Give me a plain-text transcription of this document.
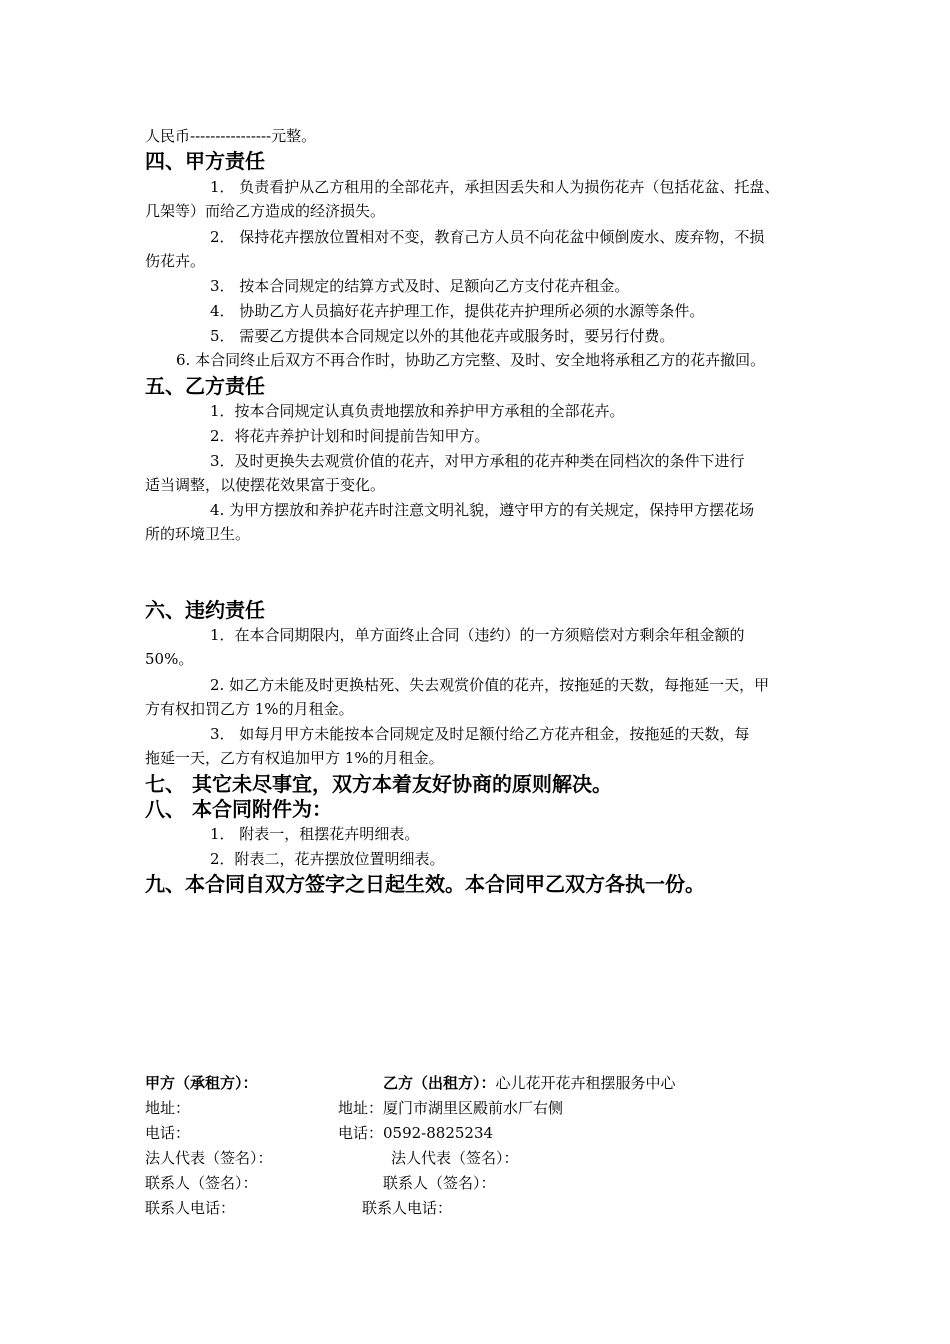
人民币----------------元整。
四、甲方责任
1． 负责看护从乙方租用的全部花卉，承担因丢失和人为损伤花卉（包括花盆、托盘、
几架等）而给乙方造成的经济损失。
2． 保持花卉摆放位置相对不变，教育己方人员不向花盆中倾倒废水、废弃物，不损
伤花卉。
3． 按本合同规定的结算方式及时、足额向乙方支付花卉租金。
4． 协助乙方人员搞好花卉护理工作，提供花卉护理所必须的水源等条件。
5． 需要乙方提供本合同规定以外的其他花卉或服务时，要另行付费。
6. 本合同终止后双方不再合作时，协助乙方完整、及时、安全地将承租乙方的花卉撤回。
五、乙方责任
1．按本合同规定认真负责地摆放和养护甲方承租的全部花卉。
2．将花卉养护计划和时间提前告知甲方。
3．及时更换失去观赏价值的花卉，对甲方承租的花卉种类在同档次的条件下进行
适当调整，以使摆花效果富于变化。
4. 为甲方摆放和养护花卉时注意文明礼貌，遵守甲方的有关规定，保持甲方摆花场
所的环境卫生。
六、违约责任
1．在本合同期限内，单方面终止合同（违约）的一方须赔偿对方剩余年租金额的
50%。
2. 如乙方未能及时更换枯死、失去观赏价值的花卉，按拖延的天数，每拖延一天，甲
方有权扣罚乙方 1%的月租金。
3． 如每月甲方未能按本合同规定及时足额付给乙方花卉租金，按拖延的天数，每
拖延一天，乙方有权追加甲方 1%的月租金。
七、 其它未尽事宜，双方本着友好协商的原则解决。
八、 本合同附件为：
1． 附表一，租摆花卉明细表。
2．附表二，花卉摆放位置明细表。
九、本合同自双方签字之日起生效。本合同甲乙双方各执一份。
甲方（承租方）：	乙方（出租方）：心儿花开花卉租摆服务中心
地址：	地址：厦门市湖里区殿前水厂右侧
电话：	电话：0592-8825234
法人代表（签名）：	法人代表（签名）：
联系人（签名）：	联系人（签名）：
联系人电话：	联系人电话：
